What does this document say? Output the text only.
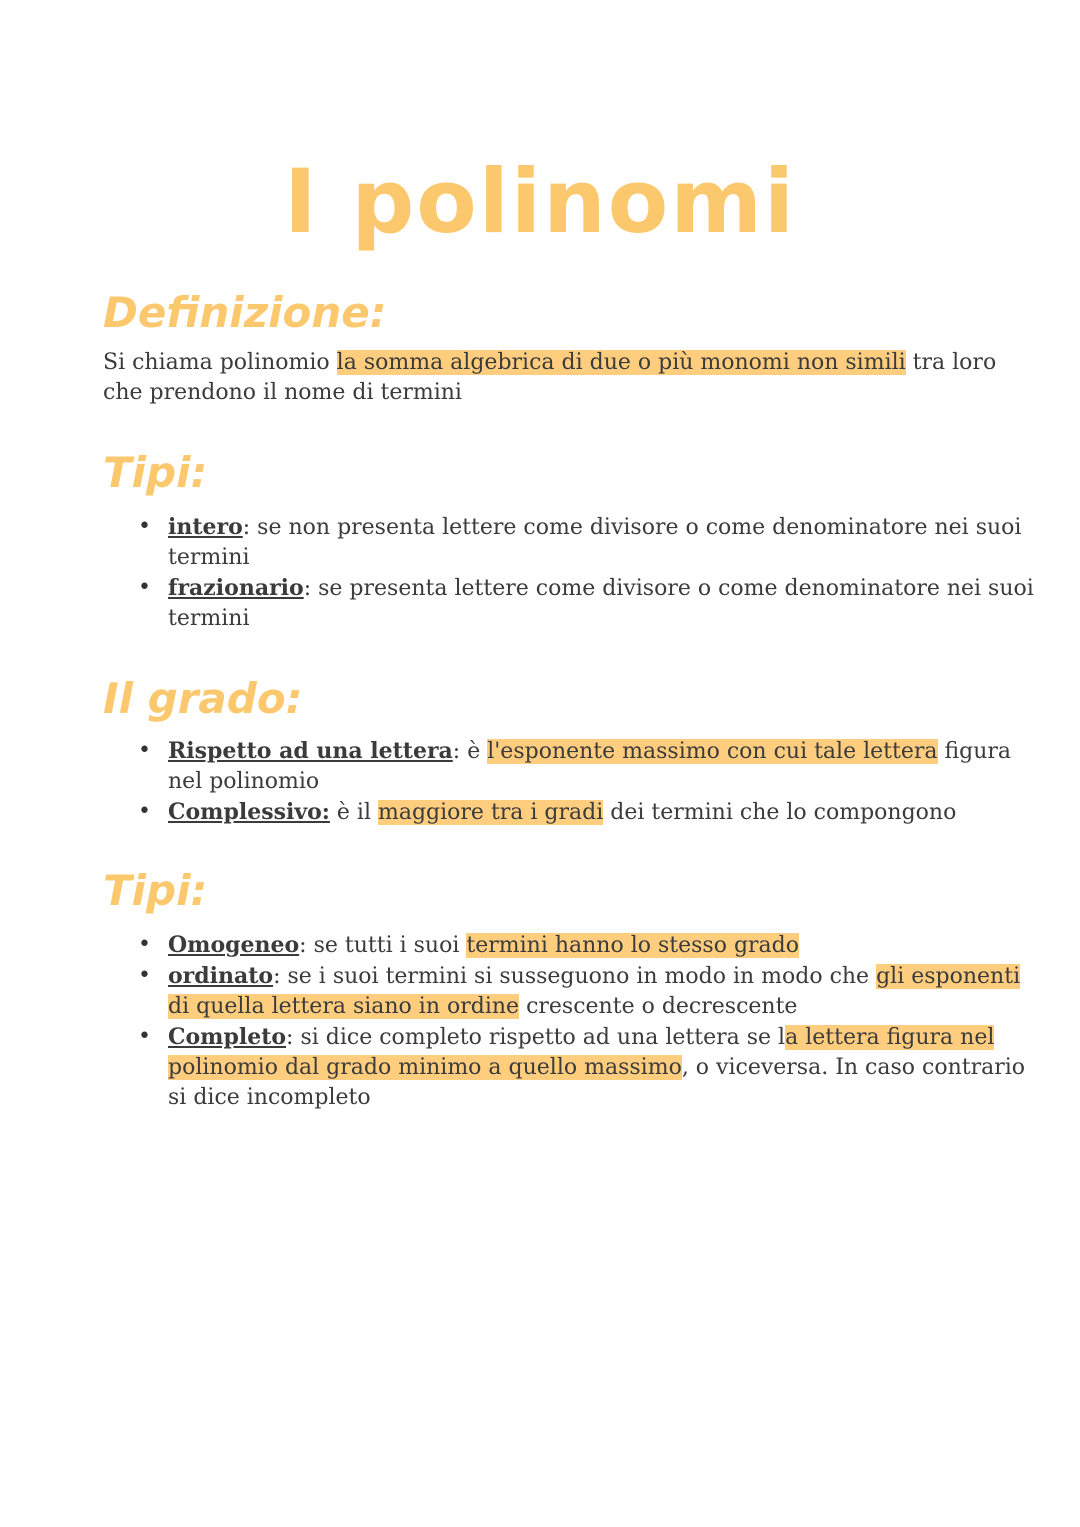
I polinomi
Definizione:

Si chiama polinomio la somma algebrica di due o più monomi non simili tra loro che prendono il nome di termini

Tipi:
• intero: se non presenta lettere come divisore o come denominatore nei suoi termini
• frazionario: se presenta lettere come divisore o come denominatore nei suoi termini
Il grado:
• Rispetto ad una lettera: è l'esponente massimo con cui tale lettera figura nel polinomio
• Complessivo: è il maggiore tra i gradi dei termini che lo compongono
Tipi:
• Omogeneo: se tutti i suoi termini hanno lo stesso grado
• ordinato: se i suoi termini si susseguono in modo in modo che gli esponenti di quella lettera siano in ordine crescente o decrescente
• Completo: si dice completo rispetto ad una lettera se la lettera figura nel polinomio dal grado minimo a quello massimo, o viceversa. In caso contrario si dice incompleto
